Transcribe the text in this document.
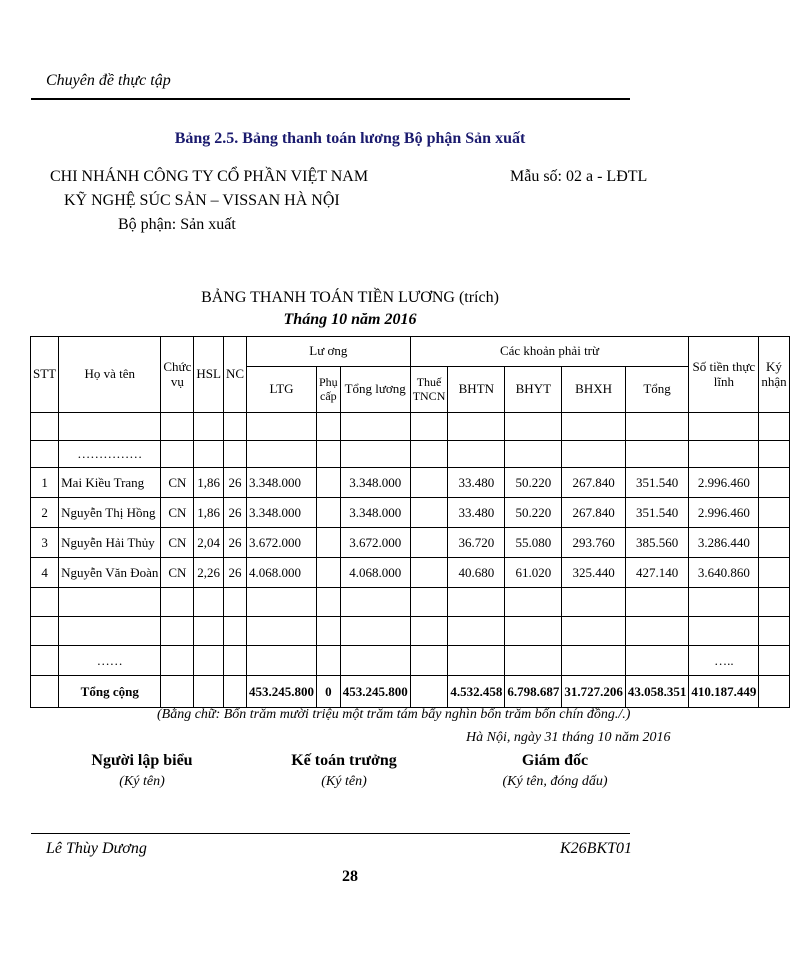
Chuyên đề thực tập
Bảng 2.5. Bảng thanh toán lương Bộ phận Sản xuất
CHI NHÁNH CÔNG TY CỔ PHẦN VIỆT NAM
KỸ NGHỆ SÚC SẢN – VISSAN HÀ NỘI
Bộ phận: Sản xuất
Mẫu số: 02 a - LĐTL
BẢNG THANH TOÁN TIỀN LƯƠNG (trích)
Tháng 10 năm 2016
STT	Họ và tên	Chức vụ	HSL	NC	Lư ơng			Các khoản phải trừ					Số tiền thực lĩnh	Ký nhận
					LTG	Phụ cấp	Tổng lương	Thuế TNCN	BHTN	BHYT	BHXH	Tổng		

	……………													
1	Mai Kiều Trang	CN	1,86	26	3.348.000		3.348.000		33.480	50.220	267.840	351.540	2.996.460	
2	Nguyễn Thị Hồng	CN	1,86	26	3.348.000		3.348.000		33.480	50.220	267.840	351.540	2.996.460	
3	Nguyễn Hải Thủy	CN	2,04	26	3.672.000		3.672.000		36.720	55.080	293.760	385.560	3.286.440	
4	Nguyễn Văn Đoàn	CN	2,26	26	4.068.000		4.068.000		40.680	61.020	325.440	427.140	3.640.860	

	……												…..	
	Tổng cộng				453.245.800	0	453.245.800		4.532.458	6.798.687	31.727.206	43.058.351	410.187.449	
(Bằng chữ: Bốn trăm mười triệu một trăm tám bẩy nghìn bốn trăm bốn chín đồng./.)
Hà Nội, ngày 31 tháng 10 năm 2016
Người lập biểu
(Ký tên)
Kế toán trưởng
(Ký tên)
Giám đốc
(Ký tên, đóng dấu)
Lê Thùy Dương	K26BKT01
28
